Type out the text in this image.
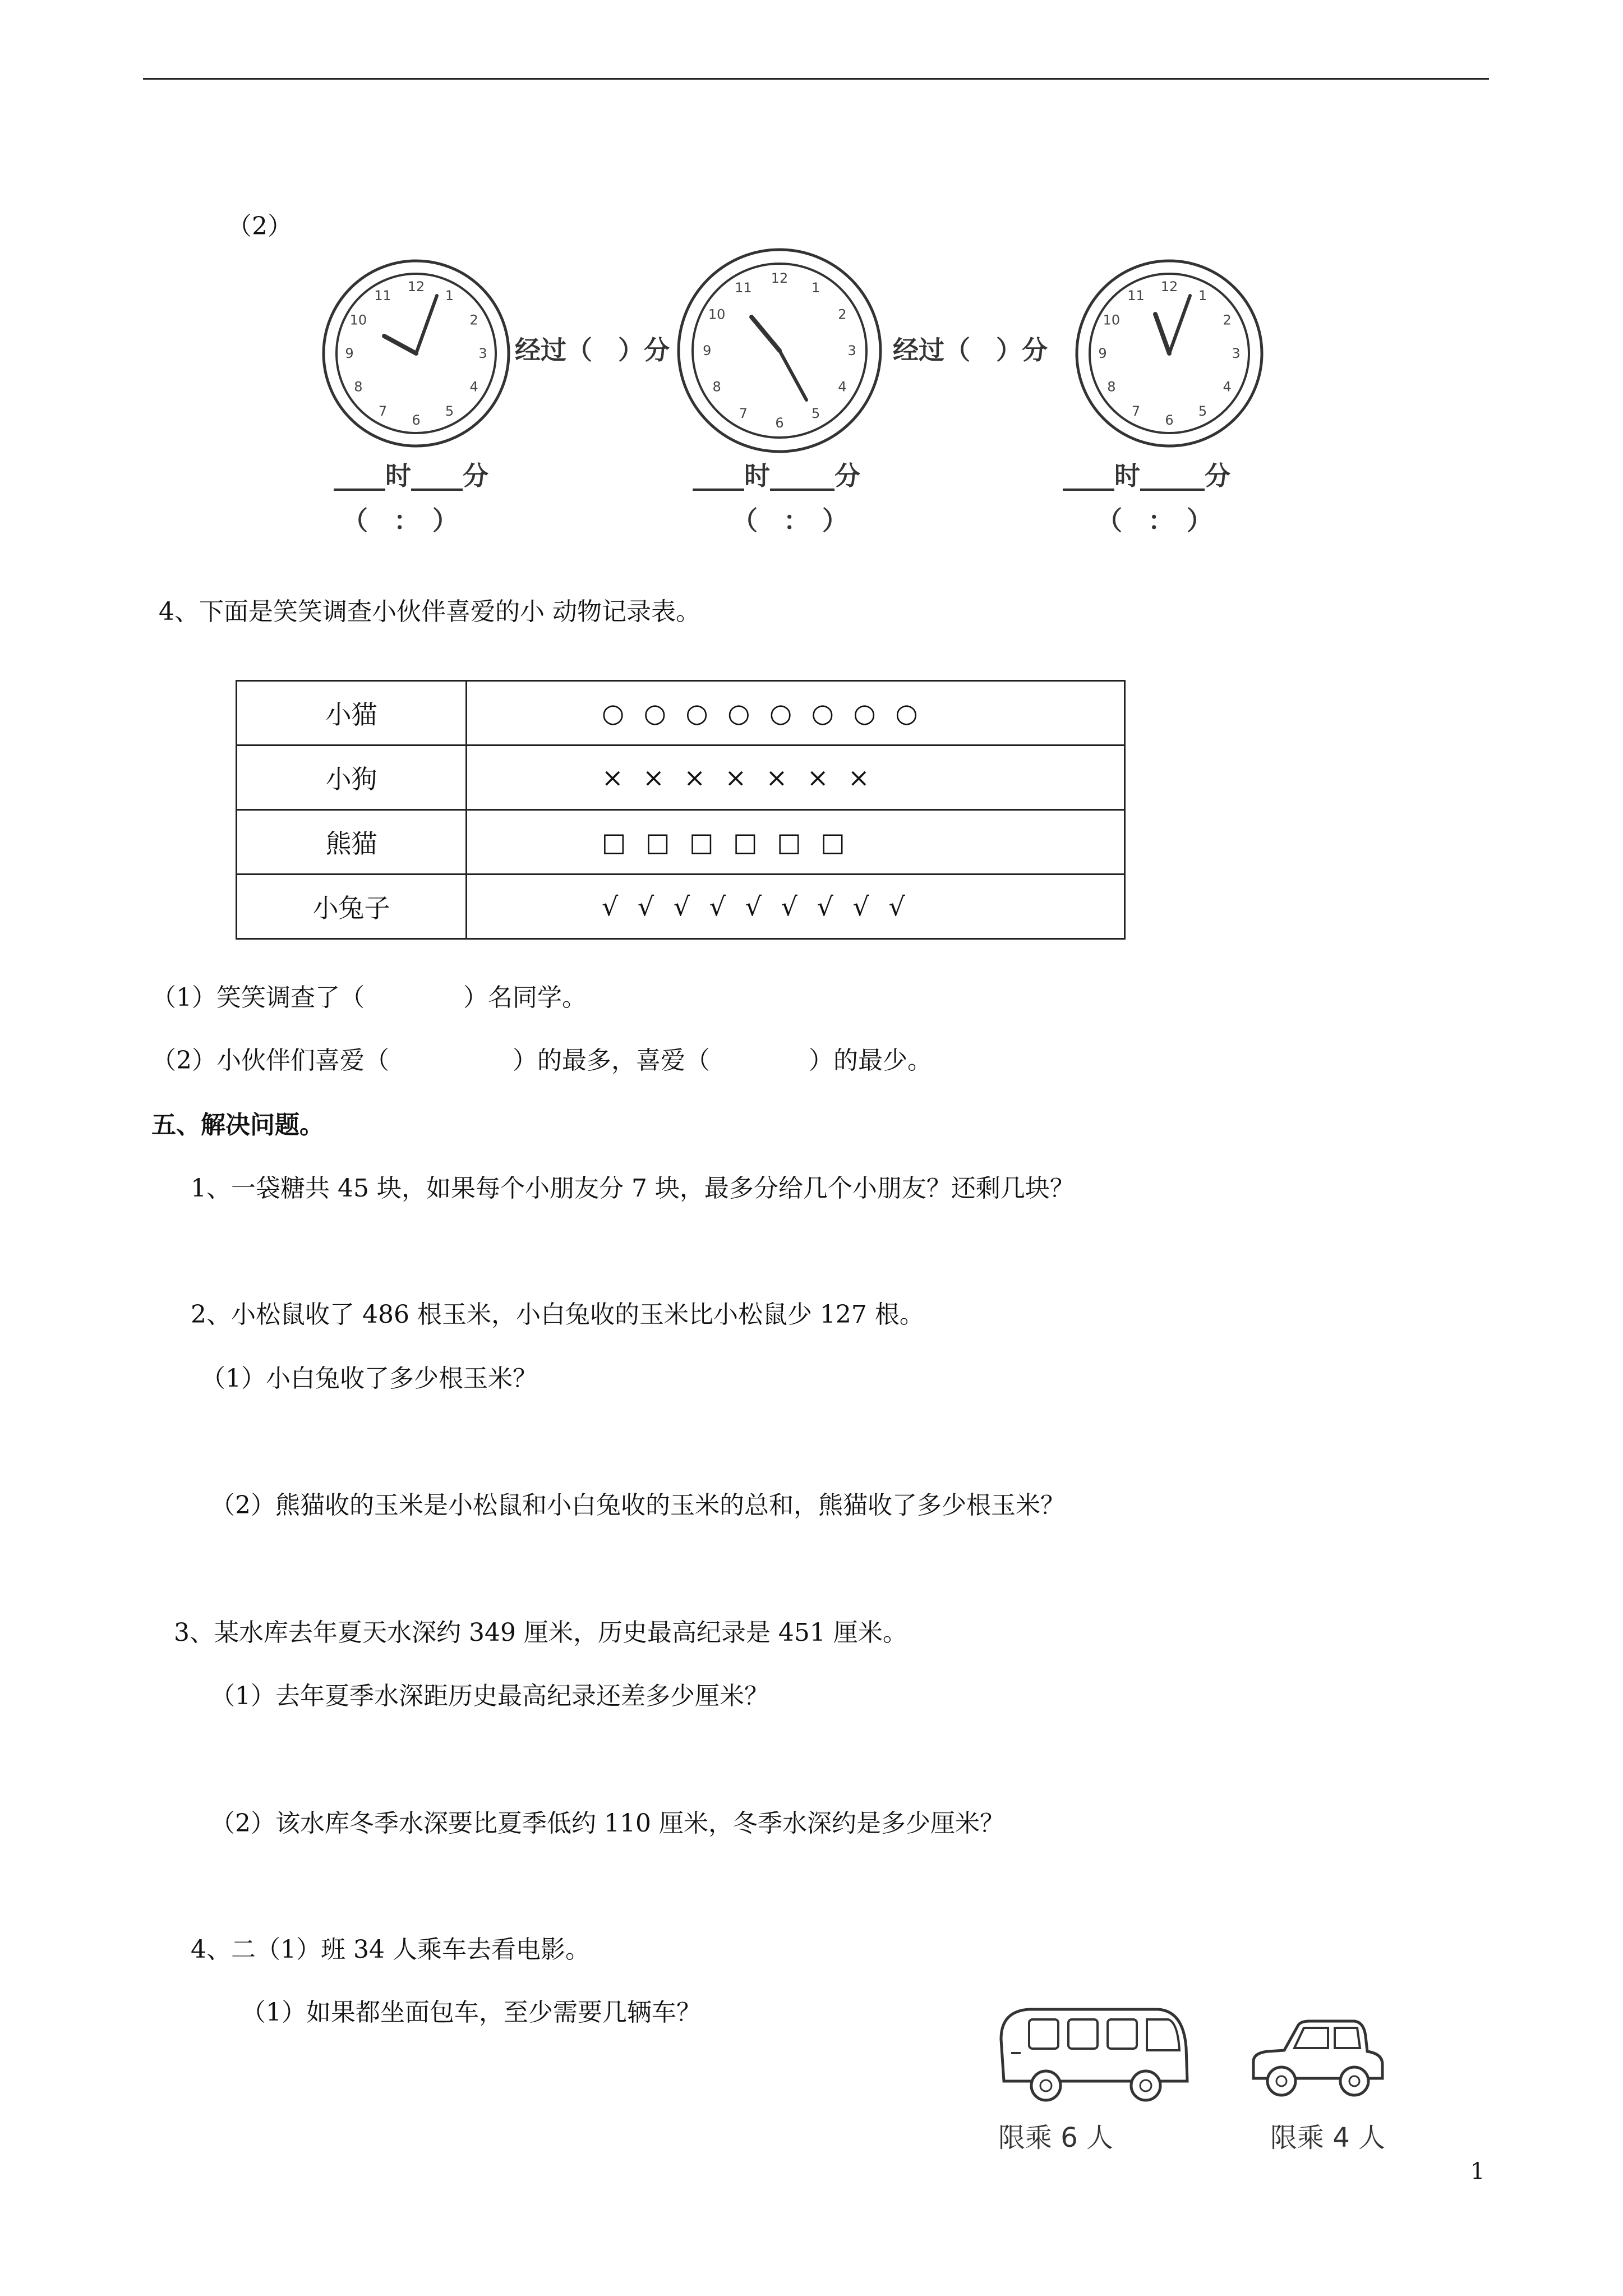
（2）
12
1
2
3
4
5
6
7
8
9
10
11
经过（　）分
12
1
2
3
4
5
6
7
8
9
10
11
经过（　）分
12
1
2
3
4
5
6
7
8
9
10
11
____时____分
（　：　）
____时_____分
（　：　）
____时_____分
（　：　）
4、下面是笑笑调查小伙伴喜爱的小 动物记录表。
小猫	○ ○ ○ ○ ○ ○ ○ ○
小狗	× × × × × × ×
熊猫	□ □ □ □ □ □
小兔子	√ √ √ √ √ √ √ √ √
（1）笑笑调查了（　　　　）名同学。
（2）小伙伴们喜爱（　　　　　）的最多，喜爱（　　　　）的最少。
五、解决问题。
1、一袋糖共 45 块，如果每个小朋友分 7 块，最多分给几个小朋友？还剩几块？
2、小松鼠收了 486 根玉米，小白兔收的玉米比小松鼠少 127 根。
（1）小白兔收了多少根玉米？
（2）熊猫收的玉米是小松鼠和小白兔收的玉米的总和，熊猫收了多少根玉米？
3、某水库去年夏天水深约 349 厘米，历史最高纪录是 451 厘米。
（1）去年夏季水深距历史最高纪录还差多少厘米？
（2）该水库冬季水深要比夏季低约 110 厘米，冬季水深约是多少厘米？
4、二（1）班 34 人乘车去看电影。
（1）如果都坐面包车，至少需要几辆车？
限乘 6 人	限乘 4 人
1
